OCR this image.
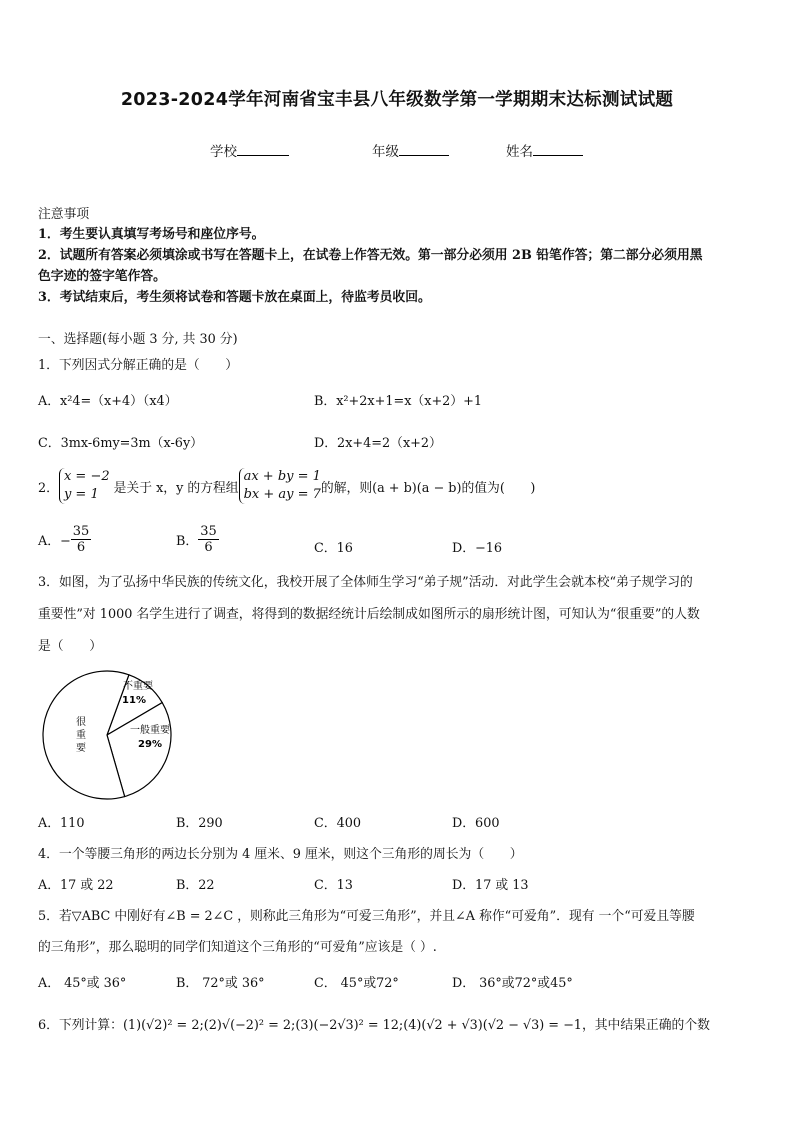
2023-2024学年河南省宝丰县八年级数学第一学期期末达标测试试题
学校	年级	姓名
注意事项
1．考生要认真填写考场号和座位序号。
2．试题所有答案必须填涂或书写在答题卡上，在试卷上作答无效。第一部分必须用 2B 铅笔作答；第二部分必须用黑
色字迹的签字笔作答。
3．考试结束后，考生须将试卷和答题卡放在桌面上，待监考员收回。
一、选择题(每小题 3 分, 共 30 分)
1．下列因式分解正确的是（　　）
A．x²4=（x+4）（x4）	B．x²+2x+1=x（x+2）+1
C．3mx-6my=3m（x-6y）	D．2x+4=2（x+2）
2．
x = −2
y = 1	是关于 x，y 的方程组
ax + by = 1
bx + ay = 7 的解，则(a + b)(a − b)的值为(　　)
A．− $\frac{35}{6}$	B． $\frac{35}{6}$	C．16	D．−16
3．如图，为了弘扬中华民族的传统文化，我校开展了全体师生学习“弟子规”活动．对此学生会就本校“弟子规学习的
重要性”对 1000 名学生进行了调查，将得到的数据经统计后绘制成如图所示的扇形统计图，可知认为“很重要”的人数
是（　　）
不重要
11%
一般重要
29%
很
重
要
A．110	B．290	C．400	D．600
4．一个等腰三角形的两边长分别为 4 厘米、9 厘米，则这个三角形的周长为（　　）
A．17 或 22	B．22	C．13	D．17 或 13
5．若▽ABC 中刚好有∠B = 2∠C ，则称此三角形为“可爱三角形”，并且∠A 称作“可爱角”．现有 一个“可爱且等腰
的三角形”，那么聪明的同学们知道这个三角形的“可爱角”应该是（ ）.
A． 45°或 36°	B． 72°或 36°	C． 45°或72°	D． 36°或72°或45°
6．下列计算：(1)(√2)² = 2;(2)√(−2)² = 2;(3)(−2√3)² = 12;(4)(√2 + √3)(√2 − √3) = −1，其中结果正确的个数
